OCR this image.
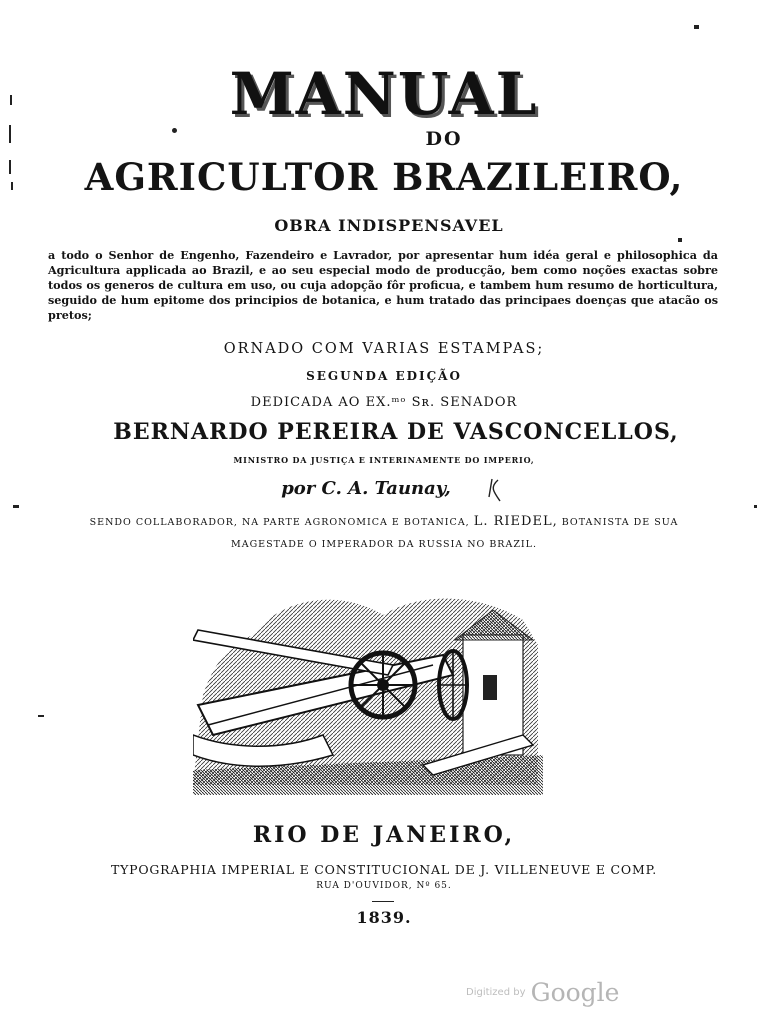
MANUAL
DO
AGRICULTOR BRAZILEIRO,
OBRA INDISPENSAVEL
a todo o Senhor de Engenho, Fazendeiro e Lavrador, por apresentar hum idéa geral e philosophica da Agricultura applicada ao Brazil, e ao seu especial modo de producção, bem como noções exactas sobre todos os generos de cultura em uso, ou cuja adopção fôr proficua, e tambem hum resumo de horticultura, seguido de hum epitome dos principios de botanica, e hum tratado das principaes doenças que atacão os pretos;
ORNADO COM VARIAS ESTAMPAS;
SEGUNDA EDIÇÃO
DEDICADA AO EX.ᵐᵒ Sʀ. SENADOR
BERNARDO PEREIRA DE VASCONCELLOS,
MINISTRO DA JUSTIÇA E INTERINAMENTE DO IMPERIO,
por C. A. Taunay,
SENDO COLLABORADOR, NA PARTE AGRONOMICA E BOTANICA, L. RIEDEL, BOTANISTA DE SUA
MAGESTADE O IMPERADOR DA RUSSIA NO BRAZIL.
RIO DE JANEIRO,
TYPOGRAPHIA IMPERIAL E CONSTITUCIONAL DE J. VILLENEUVE E COMP.
RUA D'OUVIDOR, Nº 65.
1839.
Digitized by Google
